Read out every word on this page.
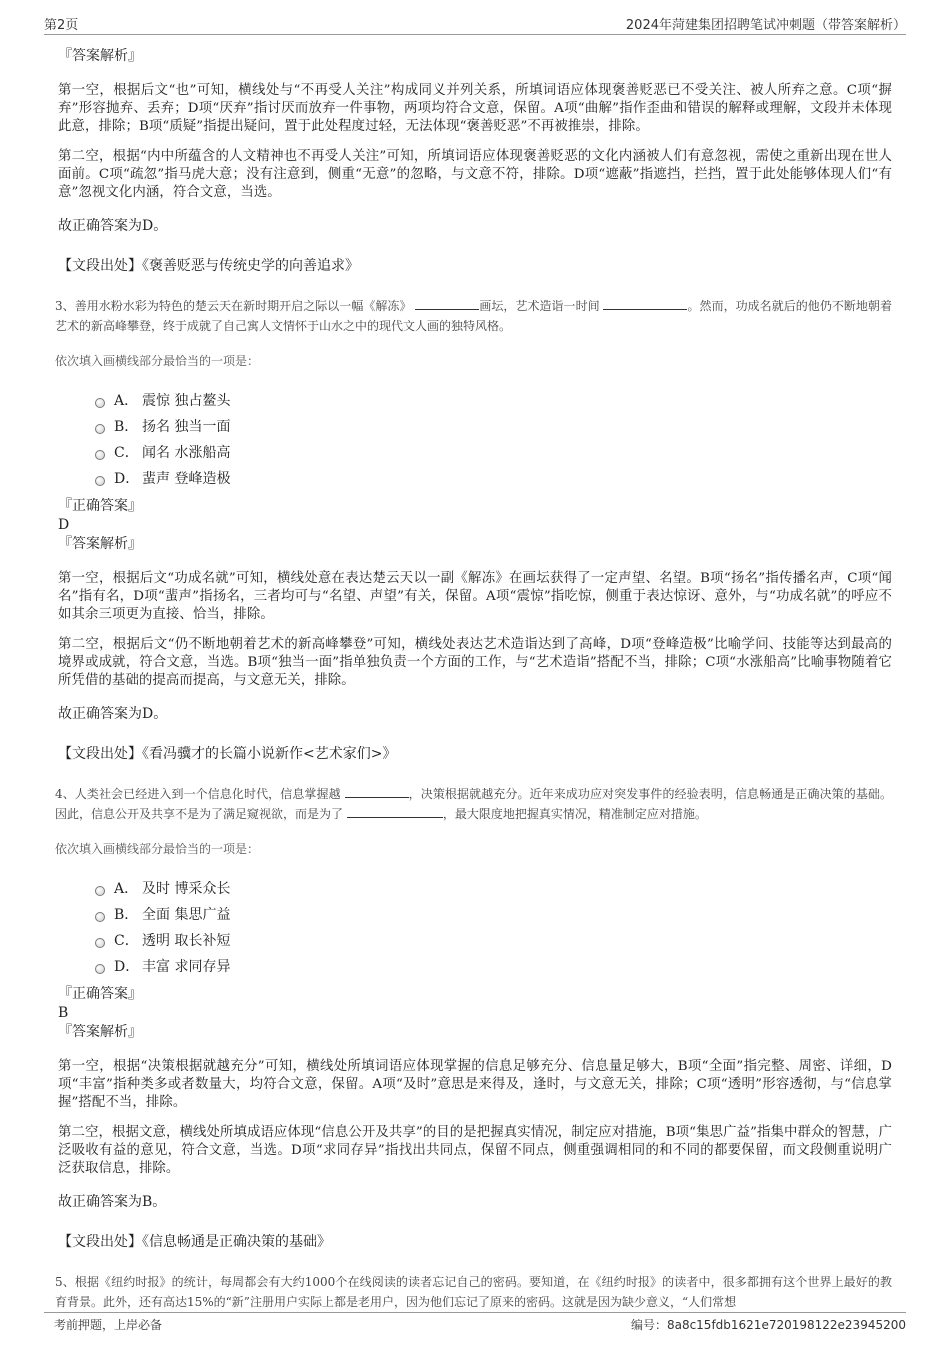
第2页	2024年菏建集团招聘笔试冲刺题（带答案解析）
『答案解析』
第一空，根据后文“也”可知，横线处与“不再受人关注”构成同义并列关系，所填词语应体现褒善贬恶已不受关注、被人所弃之意。C项“摒弃”形容抛弃、丢弃；D项“厌弃”指讨厌而放弃一件事物，两项均符合文意，保留。A项“曲解”指作歪曲和错误的解释或理解，文段并未体现此意，排除；B项“质疑”指提出疑问，置于此处程度过轻，无法体现“褒善贬恶”不再被推崇，排除。
第二空，根据“内中所蕴含的人文精神也不再受人关注”可知，所填词语应体现褒善贬恶的文化内涵被人们有意忽视，需使之重新出现在世人面前。C项“疏忽”指马虎大意；没有注意到，侧重“无意”的忽略，与文意不符，排除。D项“遮蔽”指遮挡，拦挡，置于此处能够体现人们“有意”忽视文化内涵，符合文意，当选。
故正确答案为D。
【文段出处】《褒善贬恶与传统史学的向善追求》
3、善用水粉水彩为特色的楚云天在新时期开启之际以一幅《解冻》	画坛，艺术造诣一时间	。然而，功成名就后的他仍不断地朝着艺术的新高峰攀登，终于成就了自己寓人文情怀于山水之中的现代文人画的独特风格。
依次填入画横线部分最恰当的一项是：
A． 震惊 独占鳌头
B． 扬名 独当一面
C． 闻名 水涨船高
D． 蜚声 登峰造极
『正确答案』
D
『答案解析』
第一空，根据后文“功成名就”可知，横线处意在表达楚云天以一副《解冻》在画坛获得了一定声望、名望。B项“扬名”指传播名声，C项“闻名”指有名，D项“蜚声”指扬名，三者均可与“名望、声望”有关，保留。A项“震惊”指吃惊，侧重于表达惊讶、意外，与“功成名就”的呼应不如其余三项更为直接、恰当，排除。
第二空，根据后文“仍不断地朝着艺术的新高峰攀登”可知，横线处表达艺术造诣达到了高峰，D项“登峰造极”比喻学问、技能等达到最高的境界或成就，符合文意，当选。B项“独当一面”指单独负责一个方面的工作，与“艺术造诣”搭配不当，排除；C项“水涨船高”比喻事物随着它所凭借的基础的提高而提高，与文意无关，排除。
故正确答案为D。
【文段出处】《看冯骥才的长篇小说新作<艺术家们>》
4、人类社会已经进入到一个信息化时代，信息掌握越	，决策根据就越充分。近年来成功应对突发事件的经验表明，信息畅通是正确决策的基础。因此，信息公开及共享不是为了满足窥视欲，而是为了	，最大限度地把握真实情况，精准制定应对措施。
依次填入画横线部分最恰当的一项是：
A． 及时 博采众长
B． 全面 集思广益
C． 透明 取长补短
D． 丰富 求同存异
『正确答案』
B
『答案解析』
第一空，根据“决策根据就越充分”可知，横线处所填词语应体现掌握的信息足够充分、信息量足够大，B项“全面”指完整、周密、详细，D项“丰富”指种类多或者数量大，均符合文意，保留。A项“及时”意思是来得及，逢时，与文意无关，排除；C项“透明”形容透彻，与“信息掌握”搭配不当，排除。
第二空，根据文意，横线处所填成语应体现“信息公开及共享”的目的是把握真实情况，制定应对措施，B项“集思广益”指集中群众的智慧，广泛吸收有益的意见，符合文意，当选。D项“求同存异”指找出共同点，保留不同点，侧重强调相同的和不同的都要保留，而文段侧重说明广泛获取信息，排除。
故正确答案为B。
【文段出处】《信息畅通是正确决策的基础》
5、根据《纽约时报》的统计，每周都会有大约1000个在线阅读的读者忘记自己的密码。要知道，在《纽约时报》的读者中，很多都拥有这个世界上最好的教育背景。此外，还有高达15%的“新”注册用户实际上都是老用户，因为他们忘记了原来的密码。这就是因为缺少意义，“人们常想
考前押题，上岸必备	编号：8a8c15fdb1621e720198122e23945200
